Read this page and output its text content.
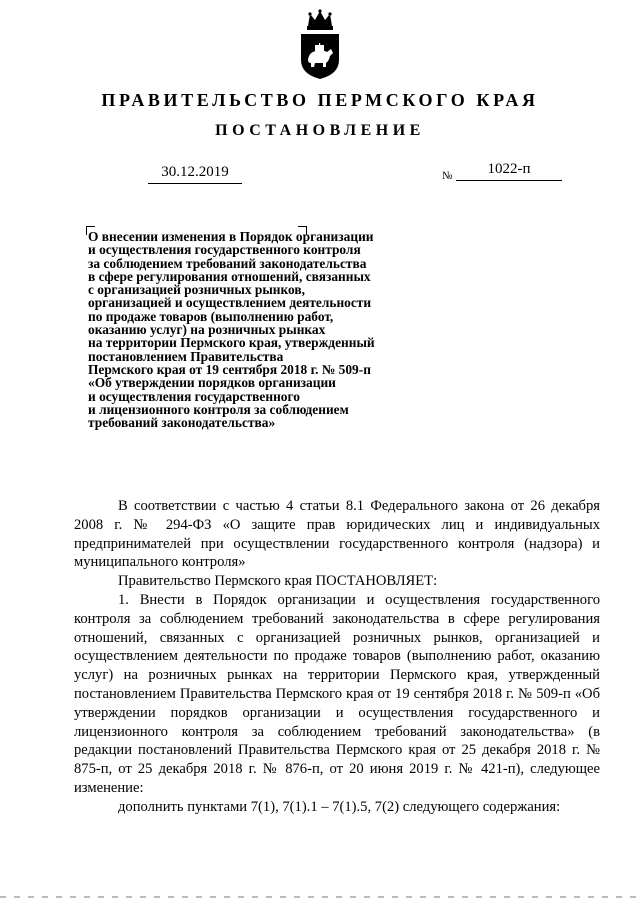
ПРАВИТЕЛЬСТВО ПЕРМСКОГО КРАЯ
ПОСТАНОВЛЕНИЕ
30.12.2019	№	1022-п

О внесении изменения в Порядок организации
и осуществления государственного контроля
за соблюдением требований законодательства
в сфере регулирования отношений, связанных
с организацией розничных рынков,
организацией и осуществлением деятельности
по продаже товаров (выполнению работ,
оказанию услуг) на розничных рынках
на территории Пермского края, утвержденный
постановлением Правительства
Пермского края от 19 сентября 2018 г. № 509-п
«Об утверждении порядков организации
и осуществления государственного
и лицензионного контроля за соблюдением
требований законодательства»

В соответствии с частью 4 статьи 8.1 Федерального закона от 26 декабря 2008 г. № 294-ФЗ «О защите прав юридических лиц и индивидуальных предпринимателей при осуществлении государственного контроля (надзора) и муниципального контроля»

Правительство Пермского края ПОСТАНОВЛЯЕТ:

1. Внести в Порядок организации и осуществления государственного контроля за соблюдением требований законодательства в сфере регулирования отношений, связанных с организацией розничных рынков, организацией и осуществлением деятельности по продаже товаров (выполнению работ, оказанию услуг) на розничных рынках на территории Пермского края, утвержденный постановлением Правительства Пермского края от 19 сентября 2018 г. № 509-п «Об утверждении порядков организации и осуществления государственного и лицензионного контроля за соблюдением требований законодательства» (в редакции постановлений Правительства Пермского края от 25 декабря 2018 г. № 875-п, от 25 декабря 2018 г. № 876-п, от 20 июня 2019 г. № 421-п), следующее изменение:

дополнить пунктами 7(1), 7(1).1 – 7(1).5, 7(2) следующего содержания:
